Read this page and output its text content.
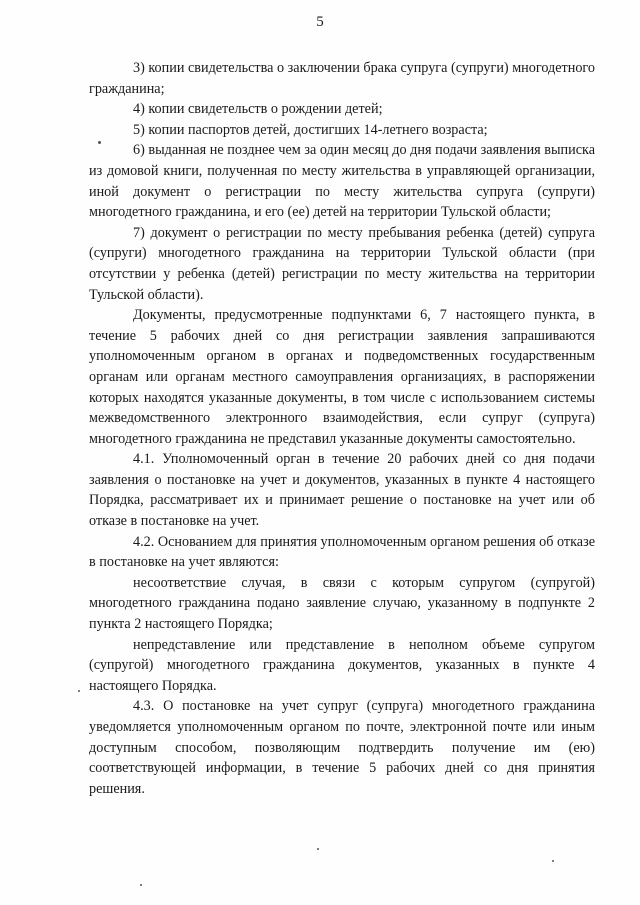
5

3) копии свидетельства о заключении брака супруга (супруги) многодетного гражданина;

4) копии свидетельств о рождении детей;

5) копии паспортов детей, достигших 14-летнего возраста;

6) выданная не позднее чем за один месяц до дня подачи заявления выписка из домовой книги, полученная по месту жительства в управляющей организации, иной документ о регистрации по месту жительства супруга (супруги) многодетного гражданина, и его (ее) детей на территории Тульской области;

7) документ о регистрации по месту пребывания ребенка (детей) супруга (супруги) многодетного гражданина на территории Тульской области (при отсутствии у ребенка (детей) регистрации по месту жительства на территории Тульской области).

Документы, предусмотренные подпунктами 6, 7 настоящего пункта, в течение 5 рабочих дней со дня регистрации заявления запрашиваются уполномоченным органом в органах и подведомственных государственным органам или органам местного самоуправления организациях, в распоряжении которых находятся указанные документы, в том числе с использованием системы межведомственного электронного взаимодействия, если супруг (супруга) многодетного гражданина не представил указанные документы самостоятельно.

4.1. Уполномоченный орган в течение 20 рабочих дней со дня подачи заявления о постановке на учет и документов, указанных в пункте 4 настоящего Порядка, рассматривает их и принимает решение о постановке на учет или об отказе в постановке на учет.

4.2. Основанием для принятия уполномоченным органом решения об отказе в постановке на учет являются:

несоответствие случая, в связи с которым супругом (супругой) многодетного гражданина подано заявление случаю, указанному в подпункте 2 пункта 2 настоящего Порядка;

непредставление или представление в неполном объеме супругом (супругой) многодетного гражданина документов, указанных в пункте 4 настоящего Порядка.

4.3. О постановке на учет супруг (супруга) многодетного гражданина уведомляется уполномоченным органом по почте, электронной почте или иным доступным способом, позволяющим подтвердить получение им (ею) соответствующей информации, в течение 5 рабочих дней со дня принятия решения.
